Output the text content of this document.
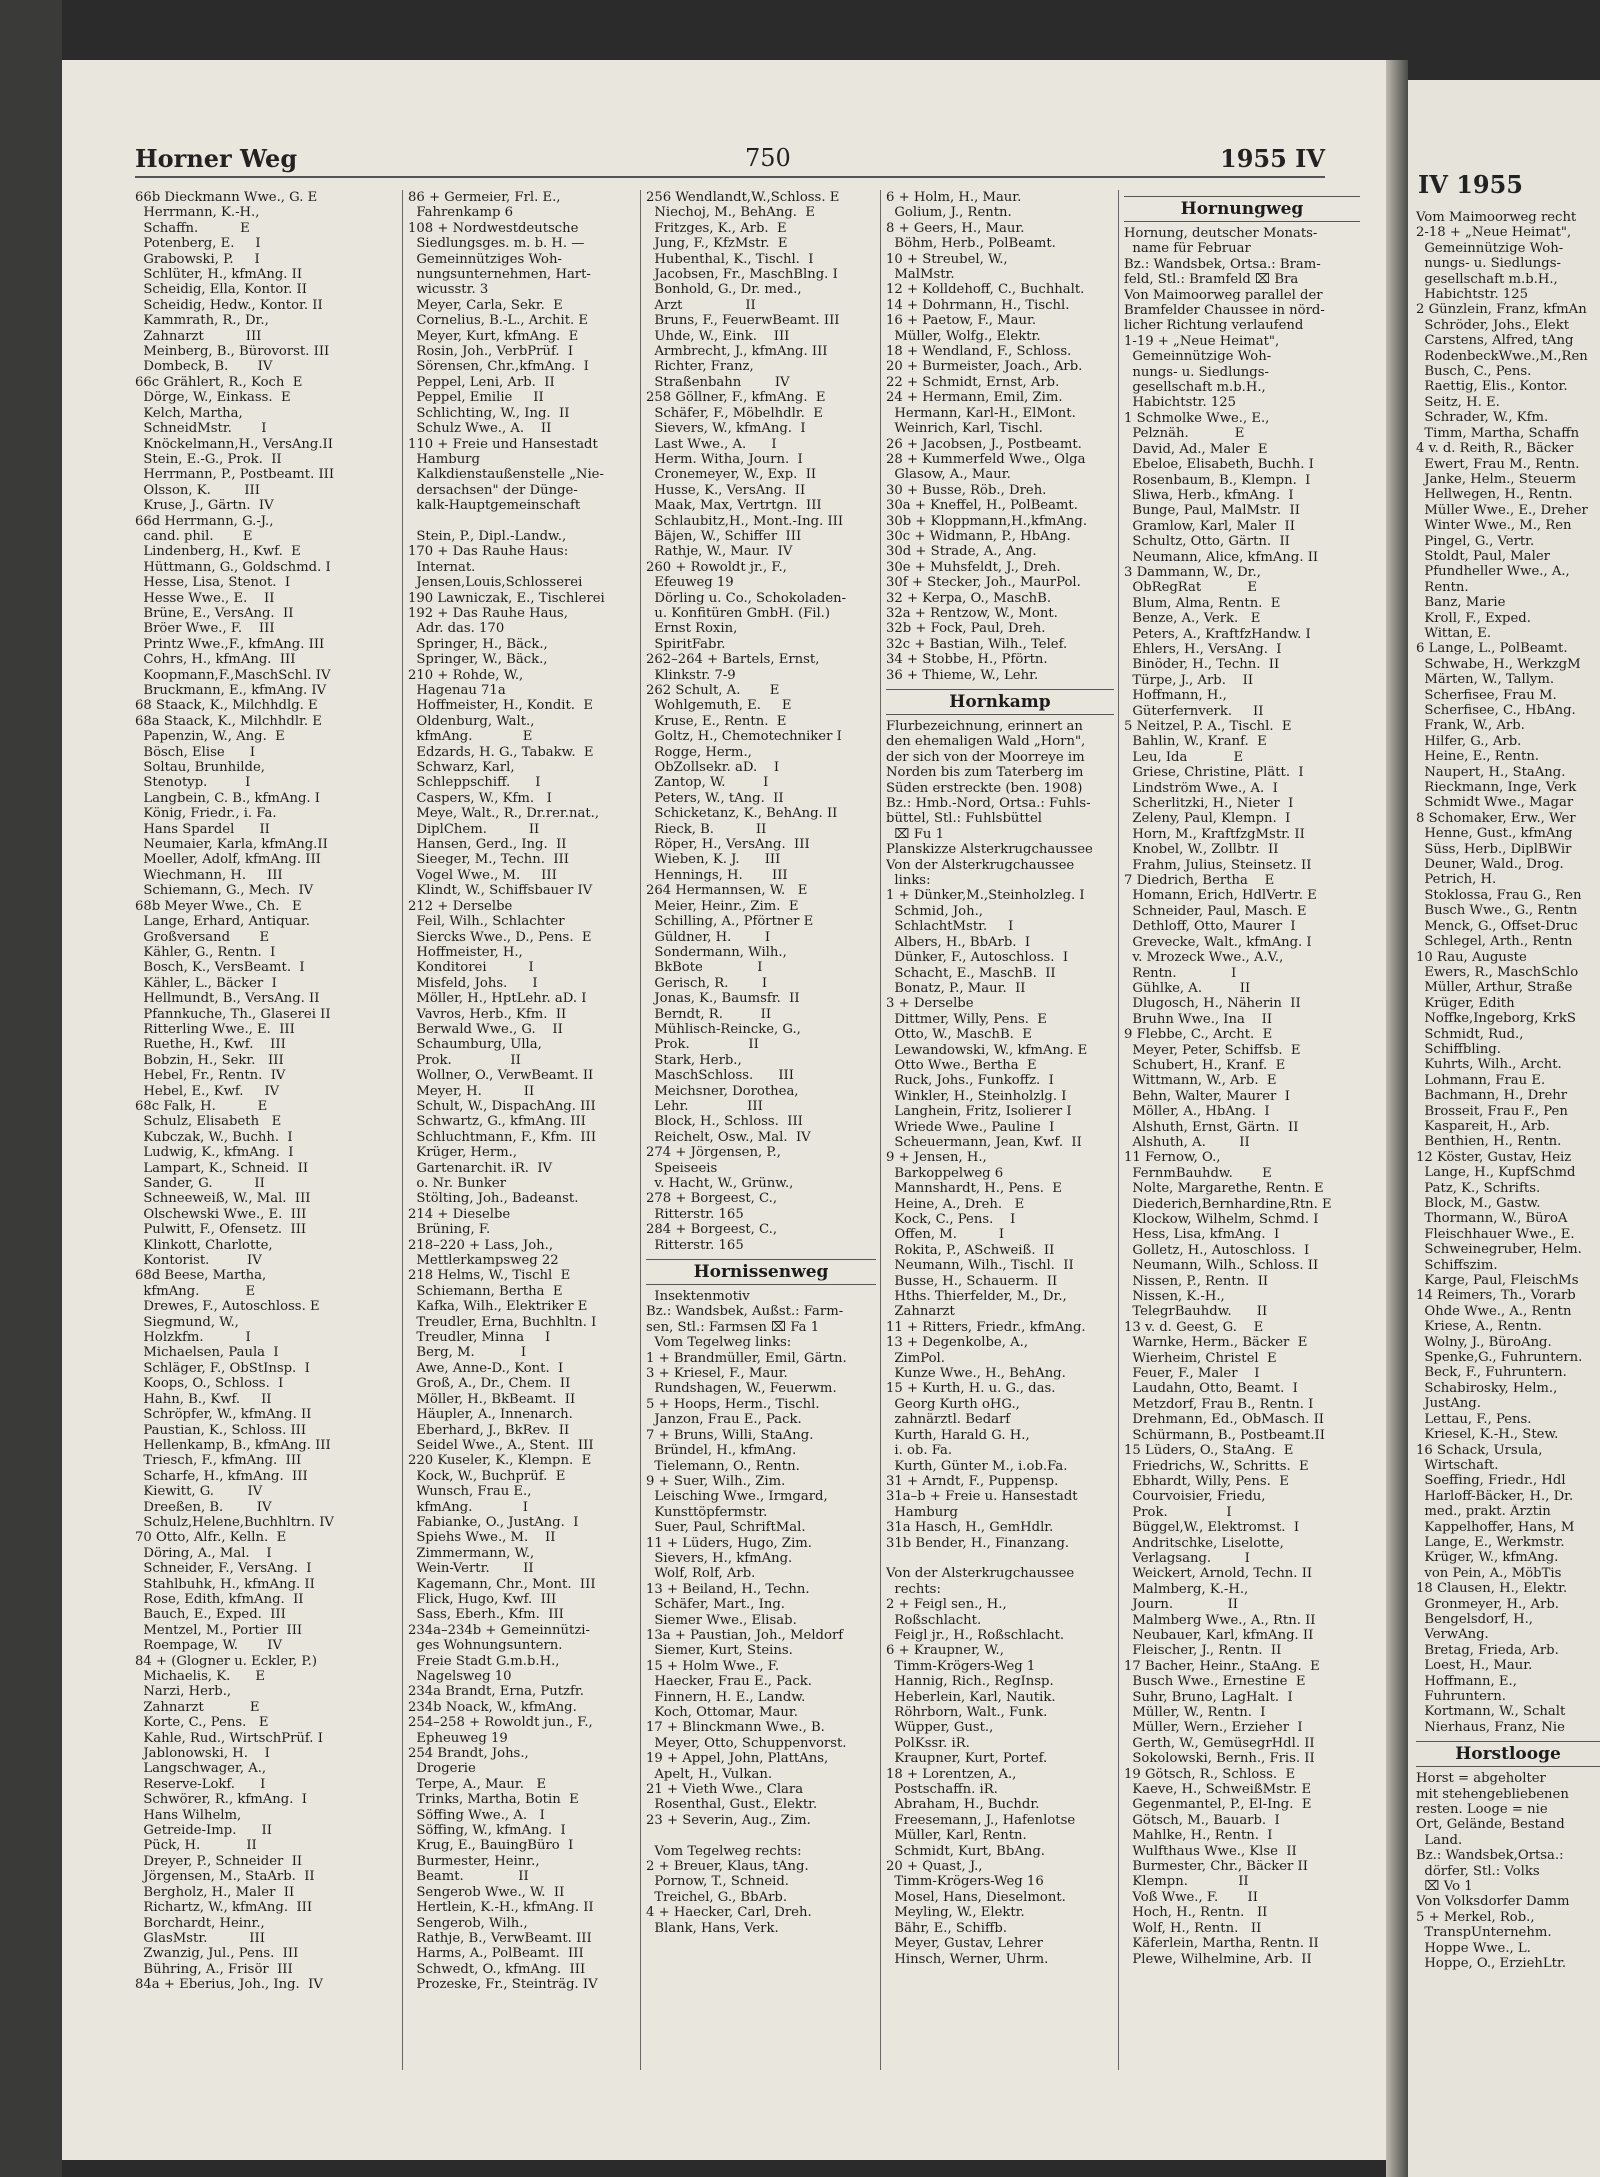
Horner Weg	750	1955 IV
66b Dieckmann Wwe., G. E
Herrmann, K.-H.,
Schaffn.          E
Potenberg, E.     I
Grabowski, P.     I
Schlüter, H., kfmAng. II
Scheidig, Ella, Kontor. II
Scheidig, Hedw., Kontor. II
Kammrath, R., Dr.,
Zahnarzt          III
Meinberg, B., Bürovorst. III
Dombeck, B.       IV
66c Grählert, R., Koch  E
Dörge, W., Einkass.  E
Kelch, Martha,
SchneidMstr.       I
Knöckelmann,H., VersAng.II
Stein, E.-G., Prok.  II
Herrmann, P., Postbeamt. III
Olsson, K.        III
Kruse, J., Gärtn.  IV
66d Herrmann, G.-J.,
cand. phil.       E
Lindenberg, H., Kwf.  E
Hüttmann, G., Goldschmd. I
Hesse, Lisa, Stenot.  I
Hesse Wwe., E.    II
Brüne, E., VersAng.  II
Bröer Wwe., F.    III
Printz Wwe.,F., kfmAng. III
Cohrs, H., kfmAng.  III
Koopmann,F.,MaschSchl. IV
Bruckmann, E., kfmAng. IV
68 Staack, K., Milchhdlg. E
68a Staack, K., Milchhdlr. E
Papenzin, W., Ang.  E
Bösch, Elise      I
Soltau, Brunhilde,
Stenotyp.         I
Langbein, C. B., kfmAng. I
König, Friedr., i. Fa.
Hans Spardel      II
Neumaier, Karla, kfmAng.II
Moeller, Adolf, kfmAng. III
Wiechmann, H.     III
Schiemann, G., Mech.  IV
68b Meyer Wwe., Ch.   E
Lange, Erhard, Antiquar.
Großversand       E
Kähler, G., Rentn.  I
Bosch, K., VersBeamt.  I
Kähler, L., Bäcker  I
Hellmundt, B., VersAng. II
Pfannkuche, Th., Glaserei II
Ritterling Wwe., E.  III
Ruethe, H., Kwf.    III
Bobzin, H., Sekr.   III
Hebel, Fr., Rentn.  IV
Hebel, E., Kwf.     IV
68c Falk, H.          E
Schulz, Elisabeth   E
Kubczak, W., Buchh.  I
Ludwig, K., kfmAng.  I
Lampart, K., Schneid.  II
Sander, G.          II
Schneeweiß, W., Mal.  III
Olschewski Wwe., E.  III
Pulwitt, F., Ofensetz.  III
Klinkott, Charlotte,
Kontorist.         IV
68d Beese, Martha,
kfmAng.           E
Drewes, F., Autoschloss. E
Siegmund, W.,
Holzkfm.          I
Michaelsen, Paula  I
Schläger, F., ObStInsp.  I
Koops, O., Schloss.  I
Hahn, B., Kwf.     II
Schröpfer, W., kfmAng. II
Paustian, K., Schloss. III
Hellenkamp, B., kfmAng. III
Triesch, F., kfmAng.  III
Scharfe, H., kfmAng.  III
Kiewitt, G.        IV
Dreeßen, B.        IV
Schulz,Helene,Buchhltrn. IV
70 Otto, Alfr., Kelln.  E
Döring, A., Mal.    I
Schneider, F., VersAng.  I
Stahlbuhk, H., kfmAng. II
Rose, Edith, kfmAng.  II
Bauch, E., Exped.  III
Mentzel, M., Portier  III
Roempage, W.       IV
84 + (Glogner u. Eckler, P.)
Michaelis, K.      E
Narzi, Herb.,
Zahnarzt           E
Korte, C., Pens.   E
Kahle, Rud., WirtschPrüf. I
Jablonowski, H.    I
Langschwager, A.,
Reserve-Lokf.      I
Schwörer, R., kfmAng.  I
Hans Wilhelm,
Getreide-Imp.      II
Pück, H.           II
Dreyer, P., Schneider  II
Jörgensen, M., StaArb.  II
Bergholz, H., Maler  II
Richartz, W., kfmAng.  III
Borchardt, Heinr.,
GlasMstr.          III
Zwanzig, Jul., Pens.  III
Bühring, A., Frisör  III
84a + Eberius, Joh., Ing.  IV
86 + Germeier, Frl. E.,
Fahrenkamp 6
108 + Nordwestdeutsche
Siedlungsges. m. b. H. —
Gemeinnütziges Woh-
nungsunternehmen, Hart-
wicusstr. 3
Meyer, Carla, Sekr.  E
Cornelius, B.-L., Archit. E
Meyer, Kurt, kfmAng.  E
Rosin, Joh., VerbPrüf.  I
Sörensen, Chr.,kfmAng.  I
Peppel, Leni, Arb.  II
Peppel, Emilie     II
Schlichting, W., Ing.  II
Schulz Wwe., A.    II
110 + Freie und Hansestadt
Hamburg
Kalkdienstaußenstelle „Nie-
dersachsen" der Dünge-
kalk-Hauptgemeinschaft

Stein, P., Dipl.-Landw.,
170 + Das Rauhe Haus:
Internat.
Jensen,Louis,Schlosserei
190 Lawniczak, E., Tischlerei
192 + Das Rauhe Haus,
Adr. das. 170
Springer, H., Bäck.,
Springer, W., Bäck.,
210 + Rohde, W.,
Hagenau 71a
Hoffmeister, H., Kondit.  E
Oldenburg, Walt.,
kfmAng.            E
Edzards, H. G., Tabakw.  E
Schwarz, Karl,
Schleppschiff.      I
Caspers, W., Kfm.   I
Meye, Walt., R., Dr.rer.nat.,
DiplChem.          II
Hansen, Gerd., Ing.  II
Sieeger, M., Techn.  III
Vogel Wwe., M.     III
Klindt, W., Schiffsbauer IV
212 + Derselbe
Feil, Wilh., Schlachter
Siercks Wwe., D., Pens.  E
Hoffmeister, H.,
Konditorei          I
Misfeld, Johs.      I
Möller, H., HptLehr. aD. I
Vavros, Herb., Kfm.  II
Berwald Wwe., G.    II
Schaumburg, Ulla,
Prok.              II
Wollner, O., VerwBeamt. II
Meyer, H.          II
Schult, W., DispachAng. III
Schwartz, G., kfmAng. III
Schluchtmann, F., Kfm.  III
Krüger, Herm.,
Gartenarchit. iR.  IV
o. Nr. Bunker
Stölting, Joh., Badeanst.
214 + Dieselbe
Brüning, F.
218–220 + Lass, Joh.,
Mettlerkampsweg 22
218 Helms, W., Tischl  E
Schiemann, Bertha  E
Kafka, Wilh., Elektriker E
Treudler, Erna, Buchhltn. I
Treudler, Minna     I
Berg, M.           I
Awe, Anne-D., Kont.  I
Groß, A., Dr., Chem.  II
Möller, H., BkBeamt.  II
Häupler, A., Innenarch.
Eberhard, J., BkRev.  II
Seidel Wwe., A., Stent.  III
220 Kuseler, K., Klempn.  E
Kock, W., Buchprüf.  E
Wunsch, Frau E.,
kfmAng.            I
Fabianke, O., JustAng.  I
Spiehs Wwe., M.    II
Zimmermann, W.,
Wein-Vertr.        II
Kagemann, Chr., Mont.  III
Flick, Hugo, Kwf.  III
Sass, Eberh., Kfm.  III
234a–234b + Gemeinnützi-
ges Wohnungsuntern.
Freie Stadt G.m.b.H.,
Nagelsweg 10
234a Brandt, Erna, Putzfr.
234b Noack, W., kfmAng.
254–258 + Rowoldt jun., F.,
Epheuweg 19
254 Brandt, Johs.,
Drogerie
Terpe, A., Maur.   E
Trinks, Martha, Botin  E
Söffing Wwe., A.   I
Söffing, W., kfmAng.  I
Krug, E., BauingBüro  I
Burmester, Heinr.,
Beamt.             II
Sengerob Wwe., W.  II
Hertlein, K.-H., kfmAng. II
Sengerob, Wilh.,
Rathje, B., VerwBeamt. III
Harms, A., PolBeamt.  III
Schwedt, O., kfmAng.  III
Prozeske, Fr., Steinträg. IV
256 Wendlandt,W.,Schloss. E
Niechoj, M., BehAng.  E
Fritzges, K., Arb.  E
Jung, F., KfzMstr.  E
Hubenthal, K., Tischl.  I
Jacobsen, Fr., MaschBlng. I
Bonhold, G., Dr. med.,
Arzt               II
Bruns, F., FeuerwBeamt. III
Uhde, W., Eink.    III
Armbrecht, J., kfmAng. III
Richter, Franz,
Straßenbahn        IV
258 Göllner, F., kfmAng.  E
Schäfer, F., Möbelhdlr.  E
Sievers, W., kfmAng.  I
Last Wwe., A.      I
Herm. Witha, Journ.  I
Cronemeyer, W., Exp.  II
Husse, K., VersAng.  II
Maak, Max, Vertrtgn.  III
Schlaubitz,H., Mont.-Ing. III
Bäjen, W., Schiffer  III
Rathje, W., Maur.  IV
260 + Rowoldt jr., F.,
Efeuweg 19
Dörling u. Co., Schokoladen-
u. Konfitüren GmbH. (Fil.)
Ernst Roxin,
SpiritFabr.
262–264 + Bartels, Ernst,
Klinkstr. 7-9
262 Schult, A.       E
Wohlgemuth, E.     E
Kruse, E., Rentn.  E
Goltz, H., Chemotechniker I
Rogge, Herm.,
ObZollsekr. aD.    I
Zantop, W.         I
Peters, W., tAng.  II
Schicketanz, K., BehAng. II
Rieck, B.          II
Röper, H., VersAng.  III
Wieben, K. J.      III
Hennings, H.       III
264 Hermannsen, W.   E
Meier, Heinr., Zim.  E
Schilling, A., Pförtner E
Güldner, H.        I
Sondermann, Wilh.,
BkBote             I
Gerisch, R.        I
Jonas, K., Baumsfr.  II
Berndt, R.         II
Mühlisch-Reincke, G.,
Prok.              II
Stark, Herb.,
MaschSchloss.      III
Meichsner, Dorothea,
Lehr.              III
Block, H., Schloss.  III
Reichelt, Osw., Mal.  IV
274 + Jörgensen, P.,
Speiseeis
v. Hacht, W., Grünw.,
278 + Borgeest, C.,
Ritterstr. 165
284 + Borgeest, C.,
Ritterstr. 165
Hornissenweg
Insektenmotiv
Bz.: Wandsbek, Außst.: Farm-
sen, Stl.: Farmsen ⌧ Fa 1
Vom Tegelweg links:
1 + Brandmüller, Emil, Gärtn.
3 + Kriesel, F., Maur.
Rundshagen, W., Feuerwm.
5 + Hoops, Herm., Tischl.
Janzon, Frau E., Pack.
7 + Bruns, Willi, StaAng.
Bründel, H., kfmAng.
Tielemann, O., Rentn.
9 + Suer, Wilh., Zim.
Leisching Wwe., Irmgard,
Kunsttöpfermstr.
Suer, Paul, SchriftMal.
11 + Lüders, Hugo, Zim.
Sievers, H., kfmAng.
Wolf, Rolf, Arb.
13 + Beiland, H., Techn.
Schäfer, Mart., Ing.
Siemer Wwe., Elisab.
13a + Paustian, Joh., Meldorf
Siemer, Kurt, Steins.
15 + Holm Wwe., F.
Haecker, Frau E., Pack.
Finnern, H. E., Landw.
Koch, Ottomar, Maur.
17 + Blinckmann Wwe., B.
Meyer, Otto, Schuppenvorst.
19 + Appel, John, PlattAns,
Apelt, H., Vulkan.
21 + Vieth Wwe., Clara
Rosenthal, Gust., Elektr.
23 + Severin, Aug., Zim.

Vom Tegelweg rechts:
2 + Breuer, Klaus, tAng.
Pornow, T., Schneid.
Treichel, G., BbArb.
4 + Haecker, Carl, Dreh.
Blank, Hans, Verk.
6 + Holm, H., Maur.
Golium, J., Rentn.
8 + Geers, H., Maur.
Böhm, Herb., PolBeamt.
10 + Streubel, W.,
MalMstr.
12 + Kolldehoff, C., Buchhalt.
14 + Dohrmann, H., Tischl.
16 + Paetow, F., Maur.
Müller, Wolfg., Elektr.
18 + Wendland, F., Schloss.
20 + Burmeister, Joach., Arb.
22 + Schmidt, Ernst, Arb.
24 + Hermann, Emil, Zim.
Hermann, Karl-H., ElMont.
Weinrich, Karl, Tischl.
26 + Jacobsen, J., Postbeamt.
28 + Kummerfeld Wwe., Olga
Glasow, A., Maur.
30 + Busse, Röb., Dreh.
30a + Kneffel, H., PolBeamt.
30b + Kloppmann,H.,kfmAng.
30c + Widmann, P., HbAng.
30d + Strade, A., Ang.
30e + Muhsfeldt, J., Dreh.
30f + Stecker, Joh., MaurPol.
32 + Kerpa, O., MaschB.
32a + Rentzow, W., Mont.
32b + Fock, Paul, Dreh.
32c + Bastian, Wilh., Telef.
34 + Stobbe, H., Pförtn.
36 + Thieme, W., Lehr.
Hornkamp
Flurbezeichnung, erinnert an
den ehemaligen Wald „Horn",
der sich von der Moorreye im
Norden bis zum Taterberg im
Süden erstreckte (ben. 1908)
Bz.: Hmb.-Nord, Ortsa.: Fuhls-
büttel, Stl.: Fuhlsbüttel
⌧ Fu 1
Planskizze Alsterkrugchaussee
Von der Alsterkrugchaussee
links:
1 + Dünker,M.,Steinholzleg. I
Schmid, Joh.,
SchlachtMstr.     I
Albers, H., BbArb.  I
Dünker, F., Autoschloss.  I
Schacht, E., MaschB.  II
Bonatz, P., Maur.  II
3 + Derselbe
Dittmer, Willy, Pens.  E
Otto, W., MaschB.  E
Lewandowski, W., kfmAng. E
Otto Wwe., Bertha  E
Ruck, Johs., Funkoffz.  I
Winkler, H., Steinholzlg. I
Langhein, Fritz, Isolierer I
Wriede Wwe., Pauline  I
Scheuermann, Jean, Kwf.  II
9 + Jensen, H.,
Barkoppelweg 6
Mannshardt, H., Pens.  E
Heine, A., Dreh.   E
Kock, C., Pens.    I
Offen, M.          I
Rokita, P., ASchweiß.  II
Neumann, Wilh., Tischl.  II
Busse, H., Schauerm.  II
Hths. Thierfelder, M., Dr.,
Zahnarzt
11 + Ritters, Friedr., kfmAng.
13 + Degenkolbe, A.,
ZimPol.
Kunze Wwe., H., BehAng.
15 + Kurth, H. u. G., das.
Georg Kurth oHG.,
zahnärztl. Bedarf
Kurth, Harald G. H.,
i. ob. Fa.
Kurth, Günter M., i.ob.Fa.
31 + Arndt, F., Puppensp.
31a–b + Freie u. Hansestadt
Hamburg
31a Hasch, H., GemHdlr.
31b Bender, H., Finanzang.

Von der Alsterkrugchaussee
rechts:
2 + Feigl sen., H.,
Roßschlacht.
Feigl jr., H., Roßschlacht.
6 + Kraupner, W.,
Timm-Krögers-Weg 1
Hannig, Rich., RegInsp.
Heberlein, Karl, Nautik.
Röhrborn, Walt., Funk.
Wüpper, Gust.,
PolKssr. iR.
Kraupner, Kurt, Portef.
18 + Lorentzen, A.,
Postschaffn. iR.
Abraham, H., Buchdr.
Freesemann, J., Hafenlotse
Müller, Karl, Rentn.
Schmidt, Kurt, BbAng.
20 + Quast, J.,
Timm-Krögers-Weg 16
Mosel, Hans, Dieselmont.
Meyling, W., Elektr.
Bähr, E., Schiffb.
Meyer, Gustav, Lehrer
Hinsch, Werner, Uhrm.
Hornungweg
Hornung, deutscher Monats-
name für Februar
Bz.: Wandsbek, Ortsa.: Bram-
feld, Stl.: Bramfeld ⌧ Bra
Von Maimoorweg parallel der
Bramfelder Chaussee in nörd-
licher Richtung verlaufend
1-19 + „Neue Heimat",
Gemeinnützige Woh-
nungs- u. Siedlungs-
gesellschaft m.b.H.,
Habichtstr. 125
1 Schmolke Wwe., E.,
Pelznäh.           E
David, Ad., Maler  E
Ebeloe, Elisabeth, Buchh. I
Rosenbaum, B., Klempn.  I
Sliwa, Herb., kfmAng.  I
Bunge, Paul, MalMstr.  II
Gramlow, Karl, Maler  II
Schultz, Otto, Gärtn.  II
Neumann, Alice, kfmAng. II
3 Dammann, W., Dr.,
ObRegRat           E
Blum, Alma, Rentn.  E
Benze, A., Verk.   E
Peters, A., KraftfzHandw. I
Ehlers, H., VersAng.  I
Binöder, H., Techn.  II
Türpe, J., Arb.    II
Hoffmann, H.,
Güterfernverk.     II
5 Neitzel, P. A., Tischl.  E
Bahlin, W., Kranf.  E
Leu, Ida           E
Griese, Christine, Plätt.  I
Lindström Wwe., A.  I
Scherlitzki, H., Nieter  I
Zeleny, Paul, Klempn.  I
Horn, M., KraftfzgMstr. II
Knobel, W., Zollbtr.  II
Frahm, Julius, Steinsetz. II
7 Diedrich, Bertha    E
Homann, Erich, HdlVertr. E
Schneider, Paul, Masch. E
Dethloff, Otto, Maurer  I
Grevecke, Walt., kfmAng. I
v. Mrozeck Wwe., A.V.,
Rentn.             I
Gühlke, A.         II
Dlugosch, H., Näherin  II
Bruhn Wwe., Ina    II
9 Flebbe, C., Archt.  E
Meyer, Peter, Schiffsb.  E
Schubert, H., Kranf.  E
Wittmann, W., Arb.  E
Behn, Walter, Maurer  I
Möller, A., HbAng.  I
Alshuth, Ernst, Gärtn.  II
Alshuth, A.        II
11 Fernow, O.,
FernmBauhdw.       E
Nolte, Margarethe, Rentn. E
Diederich,Bernhardine,Rtn. E
Klockow, Wilhelm, Schmd. I
Hess, Lisa, kfmAng.  I
Golletz, H., Autoschloss.  I
Neumann, Wilh., Schloss. II
Nissen, P., Rentn.  II
Nissen, K.-H.,
TelegrBauhdw.      II
13 v. d. Geest, G.    E
Warnke, Herm., Bäcker  E
Wierheim, Christel  E
Feuer, F., Maler    I
Laudahn, Otto, Beamt.  I
Metzdorf, Frau B., Rentn. I
Drehmann, Ed., ObMasch. II
Schürmann, B., Postbeamt.II
15 Lüders, O., StaAng.  E
Friedrichs, W., Schritts.  E
Ebhardt, Willy, Pens.  E
Courvoisier, Friedu,
Prok.              I
Büggel,W., Elektromst.  I
Andritschke, Liselotte,
Verlagsang.        I
Weickert, Arnold, Techn. II
Malmberg, K.-H.,
Journ.             II
Malmberg Wwe., A., Rtn. II
Neubauer, Karl, kfmAng. II
Fleischer, J., Rentn.  II
17 Bacher, Heinr., StaAng.  E
Busch Wwe., Ernestine  E
Suhr, Bruno, LagHalt.  I
Müller, W., Rentn.  I
Müller, Wern., Erzieher  I
Gerth, W., GemüsegrHdl. II
Sokolowski, Bernh., Fris. II
19 Götsch, R., Schloss.  E
Kaeve, H., SchweißMstr. E
Gegenmantel, P., El-Ing.  E
Götsch, M., Bauarb.  I
Mahlke, H., Rentn.  I
Wulfthaus Wwe., Klse  II
Burmester, Chr., Bäcker II
Klempn.            II
Voß Wwe., F.       II
Hoch, H., Rentn.   II
Wolf, H., Rentn.   II
Käferlein, Martha, Rentn. II
Plewe, Wilhelmine, Arb.  II
IV 1955
Vom Maimoorweg recht
2-18 + „Neue Heimat",
Gemeinnützige Woh-
nungs- u. Siedlungs-
gesellschaft m.b.H.,
Habichtstr. 125
2 Günzlein, Franz, kfmAn
Schröder, Johs., Elekt
Carstens, Alfred, tAng
RodenbeckWwe.,M.,Ren
Busch, C., Pens.
Raettig, Elis., Kontor.
Seitz, H. E.
Schrader, W., Kfm.
Timm, Martha, Schaffn
4 v. d. Reith, R., Bäcker
Ewert, Frau M., Rentn.
Janke, Helm., Steuerm
Hellwegen, H., Rentn.
Müller Wwe., E., Dreher
Winter Wwe., M., Ren
Pingel, G., Vertr.
Stoldt, Paul, Maler
Pfundheller Wwe., A.,
Rentn.
Banz, Marie
Kroll, F., Exped.
Wittan, E.
6 Lange, L., PolBeamt.
Schwabe, H., WerkzgM
Märten, W., Tallym.
Scherfisee, Frau M.
Scherfisee, C., HbAng.
Frank, W., Arb.
Hilfer, G., Arb.
Heine, E., Rentn.
Naupert, H., StaAng.
Rieckmann, Inge, Verk
Schmidt Wwe., Magar
8 Schomaker, Erw., Wer
Henne, Gust., kfmAng
Süss, Herb., DiplBWir
Deuner, Wald., Drog.
Petrich, H.
Stoklossa, Frau G., Ren
Busch Wwe., G., Rentn
Menck, G., Offset-Druc
Schlegel, Arth., Rentn
10 Rau, Auguste
Ewers, R., MaschSchlo
Müller, Arthur, Straße
Krüger, Edith
Noffke,Ingeborg, KrkS
Schmidt, Rud.,
Schiffbling.
Kuhrts, Wilh., Archt.
Lohmann, Frau E.
Bachmann, H., Drehr
Brosseit, Frau F., Pen
Kaspareit, H., Arb.
Benthien, H., Rentn.
12 Köster, Gustav, Heiz
Lange, H., KupfSchmd
Patz, K., Schrifts.
Block, M., Gastw.
Thormann, W., BüroA
Fleischhauer Wwe., E.
Schweinegruber, Helm.
Schiffszim.
Karge, Paul, FleischMs
14 Reimers, Th., Vorarb
Ohde Wwe., A., Rentn
Kriese, A., Rentn.
Wolny, J., BüroAng.
Spenke,G., Fuhruntern.
Beck, F., Fuhruntern.
Schabirosky, Helm.,
JustAng.
Lettau, F., Pens.
Kriesel, K.-H., Stew.
16 Schack, Ursula,
Wirtschaft.
Soeffing, Friedr., Hdl
Harloff-Bäcker, H., Dr.
med., prakt. Ärztin
Kappelhoffer, Hans, M
Lange, E., Werkmstr.
Krüger, W., kfmAng.
von Pein, A., MöbTis
18 Clausen, H., Elektr.
Gronmeyer, H., Arb.
Bengelsdorf, H.,
VerwAng.
Bretag, Frieda, Arb.
Loest, H., Maur.
Hoffmann, E.,
Fuhruntern.
Kortmann, W., Schalt
Nierhaus, Franz, Nie
Horstlooge
Horst = abgeholter
mit stehengebliebenen
resten. Looge = nie
Ort, Gelände, Bestand
Land.
Bz.: Wandsbek,Ortsa.:
dörfer, Stl.: Volks
⌧ Vo 1
Von Volksdorfer Damm
5 + Merkel, Rob.,
TranspUnternehm.
Hoppe Wwe., L.
Hoppe, O., ErziehLtr.
